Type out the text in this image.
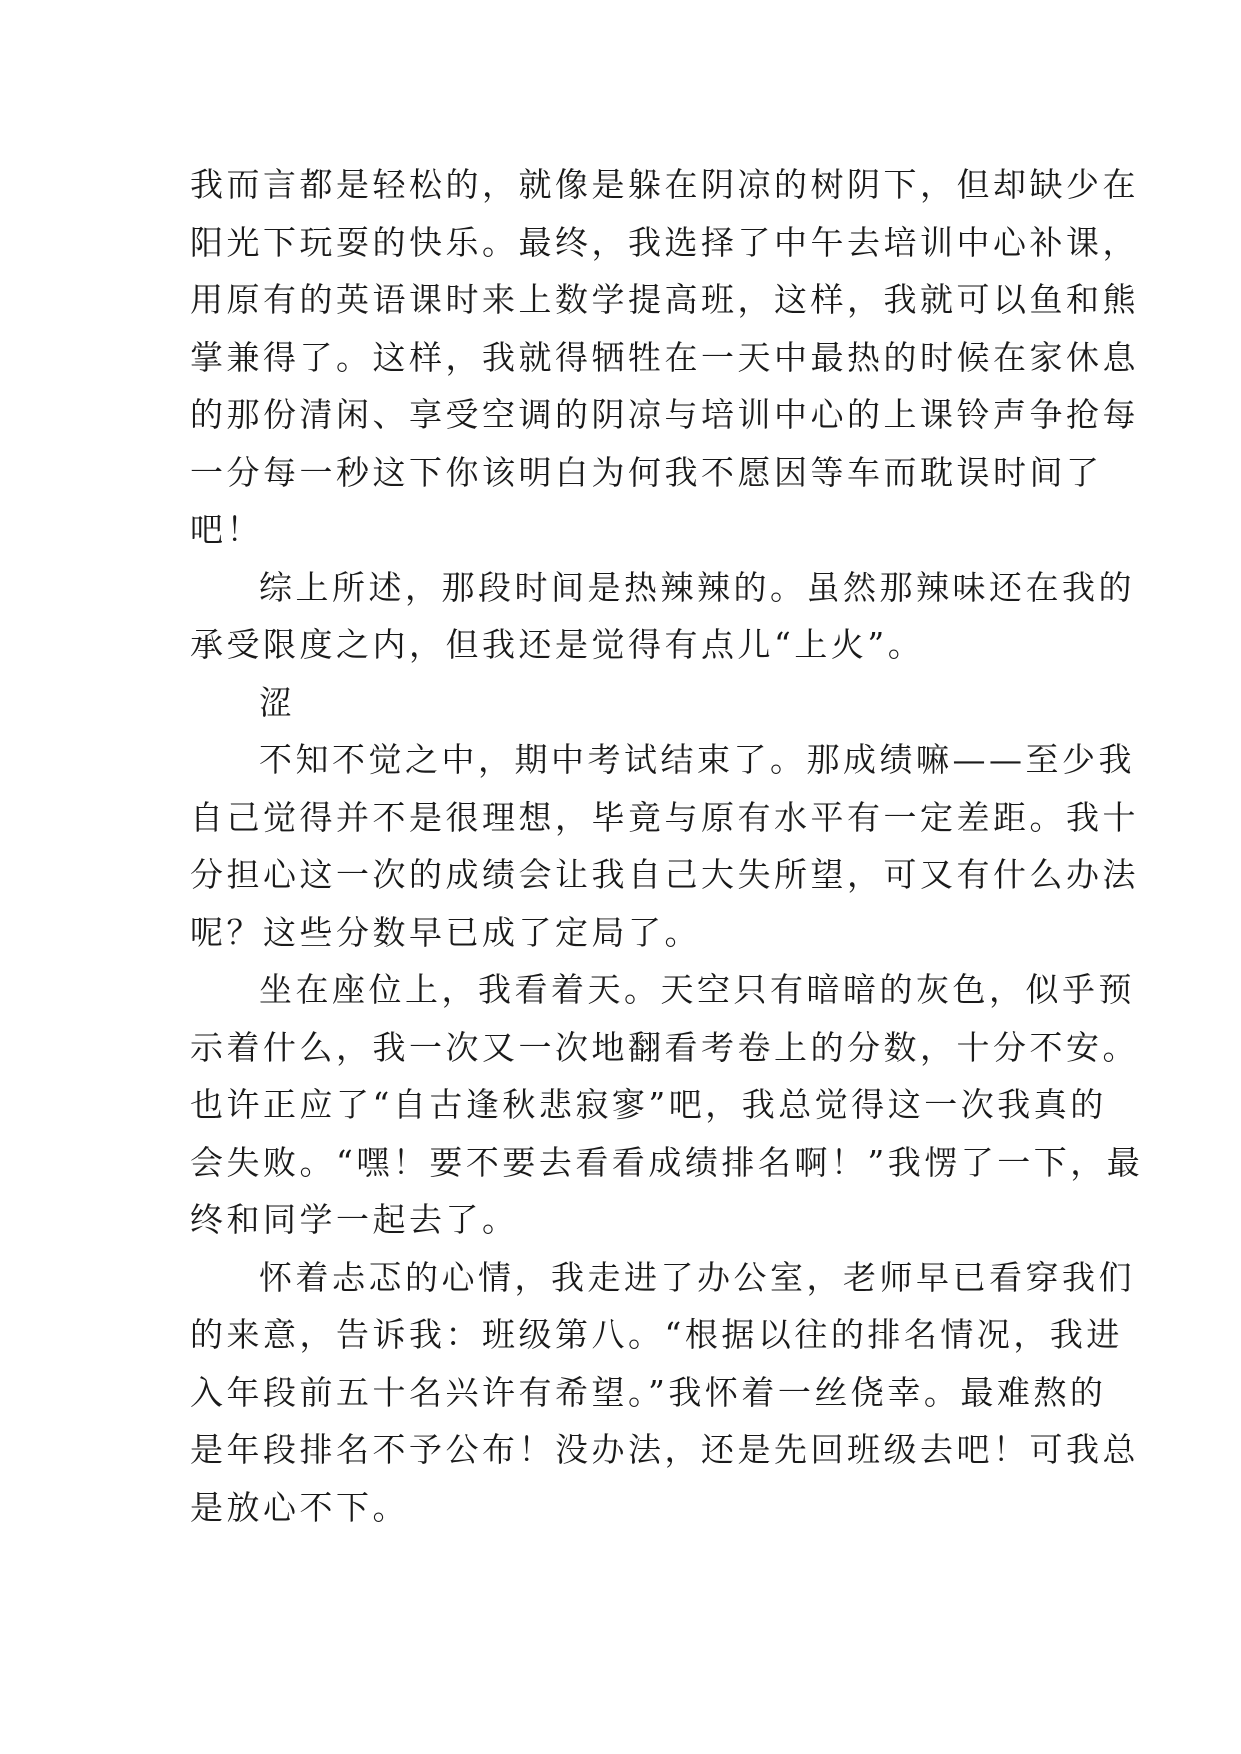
我而言都是轻松的，就像是躲在阴凉的树阴下，但却缺少在
阳光下玩耍的快乐。最终，我选择了中午去培训中心补课，
用原有的英语课时来上数学提高班，这样，我就可以鱼和熊
掌兼得了。这样，我就得牺牲在一天中最热的时候在家休息
的那份清闲、享受空调的阴凉与培训中心的上课铃声争抢每
一分每一秒这下你该明白为何我不愿因等车而耽误时间了
吧！
综上所述，那段时间是热辣辣的。虽然那辣味还在我的
承受限度之内，但我还是觉得有点儿“上火”。
涩
不知不觉之中，期中考试结束了。那成绩嘛——至少我
自己觉得并不是很理想，毕竟与原有水平有一定差距。我十
分担心这一次的成绩会让我自己大失所望，可又有什么办法
呢？这些分数早已成了定局了。
坐在座位上，我看着天。天空只有暗暗的灰色，似乎预
示着什么，我一次又一次地翻看考卷上的分数，十分不安。
也许正应了“自古逢秋悲寂寥”吧，我总觉得这一次我真的
会失败。“嘿！要不要去看看成绩排名啊！”我愣了一下，最
终和同学一起去了。
怀着忐忑的心情，我走进了办公室，老师早已看穿我们
的来意，告诉我：班级第八。“根据以往的排名情况，我进
入年段前五十名兴许有希望。”我怀着一丝侥幸。最难熬的
是年段排名不予公布！没办法，还是先回班级去吧！可我总
是放心不下。
